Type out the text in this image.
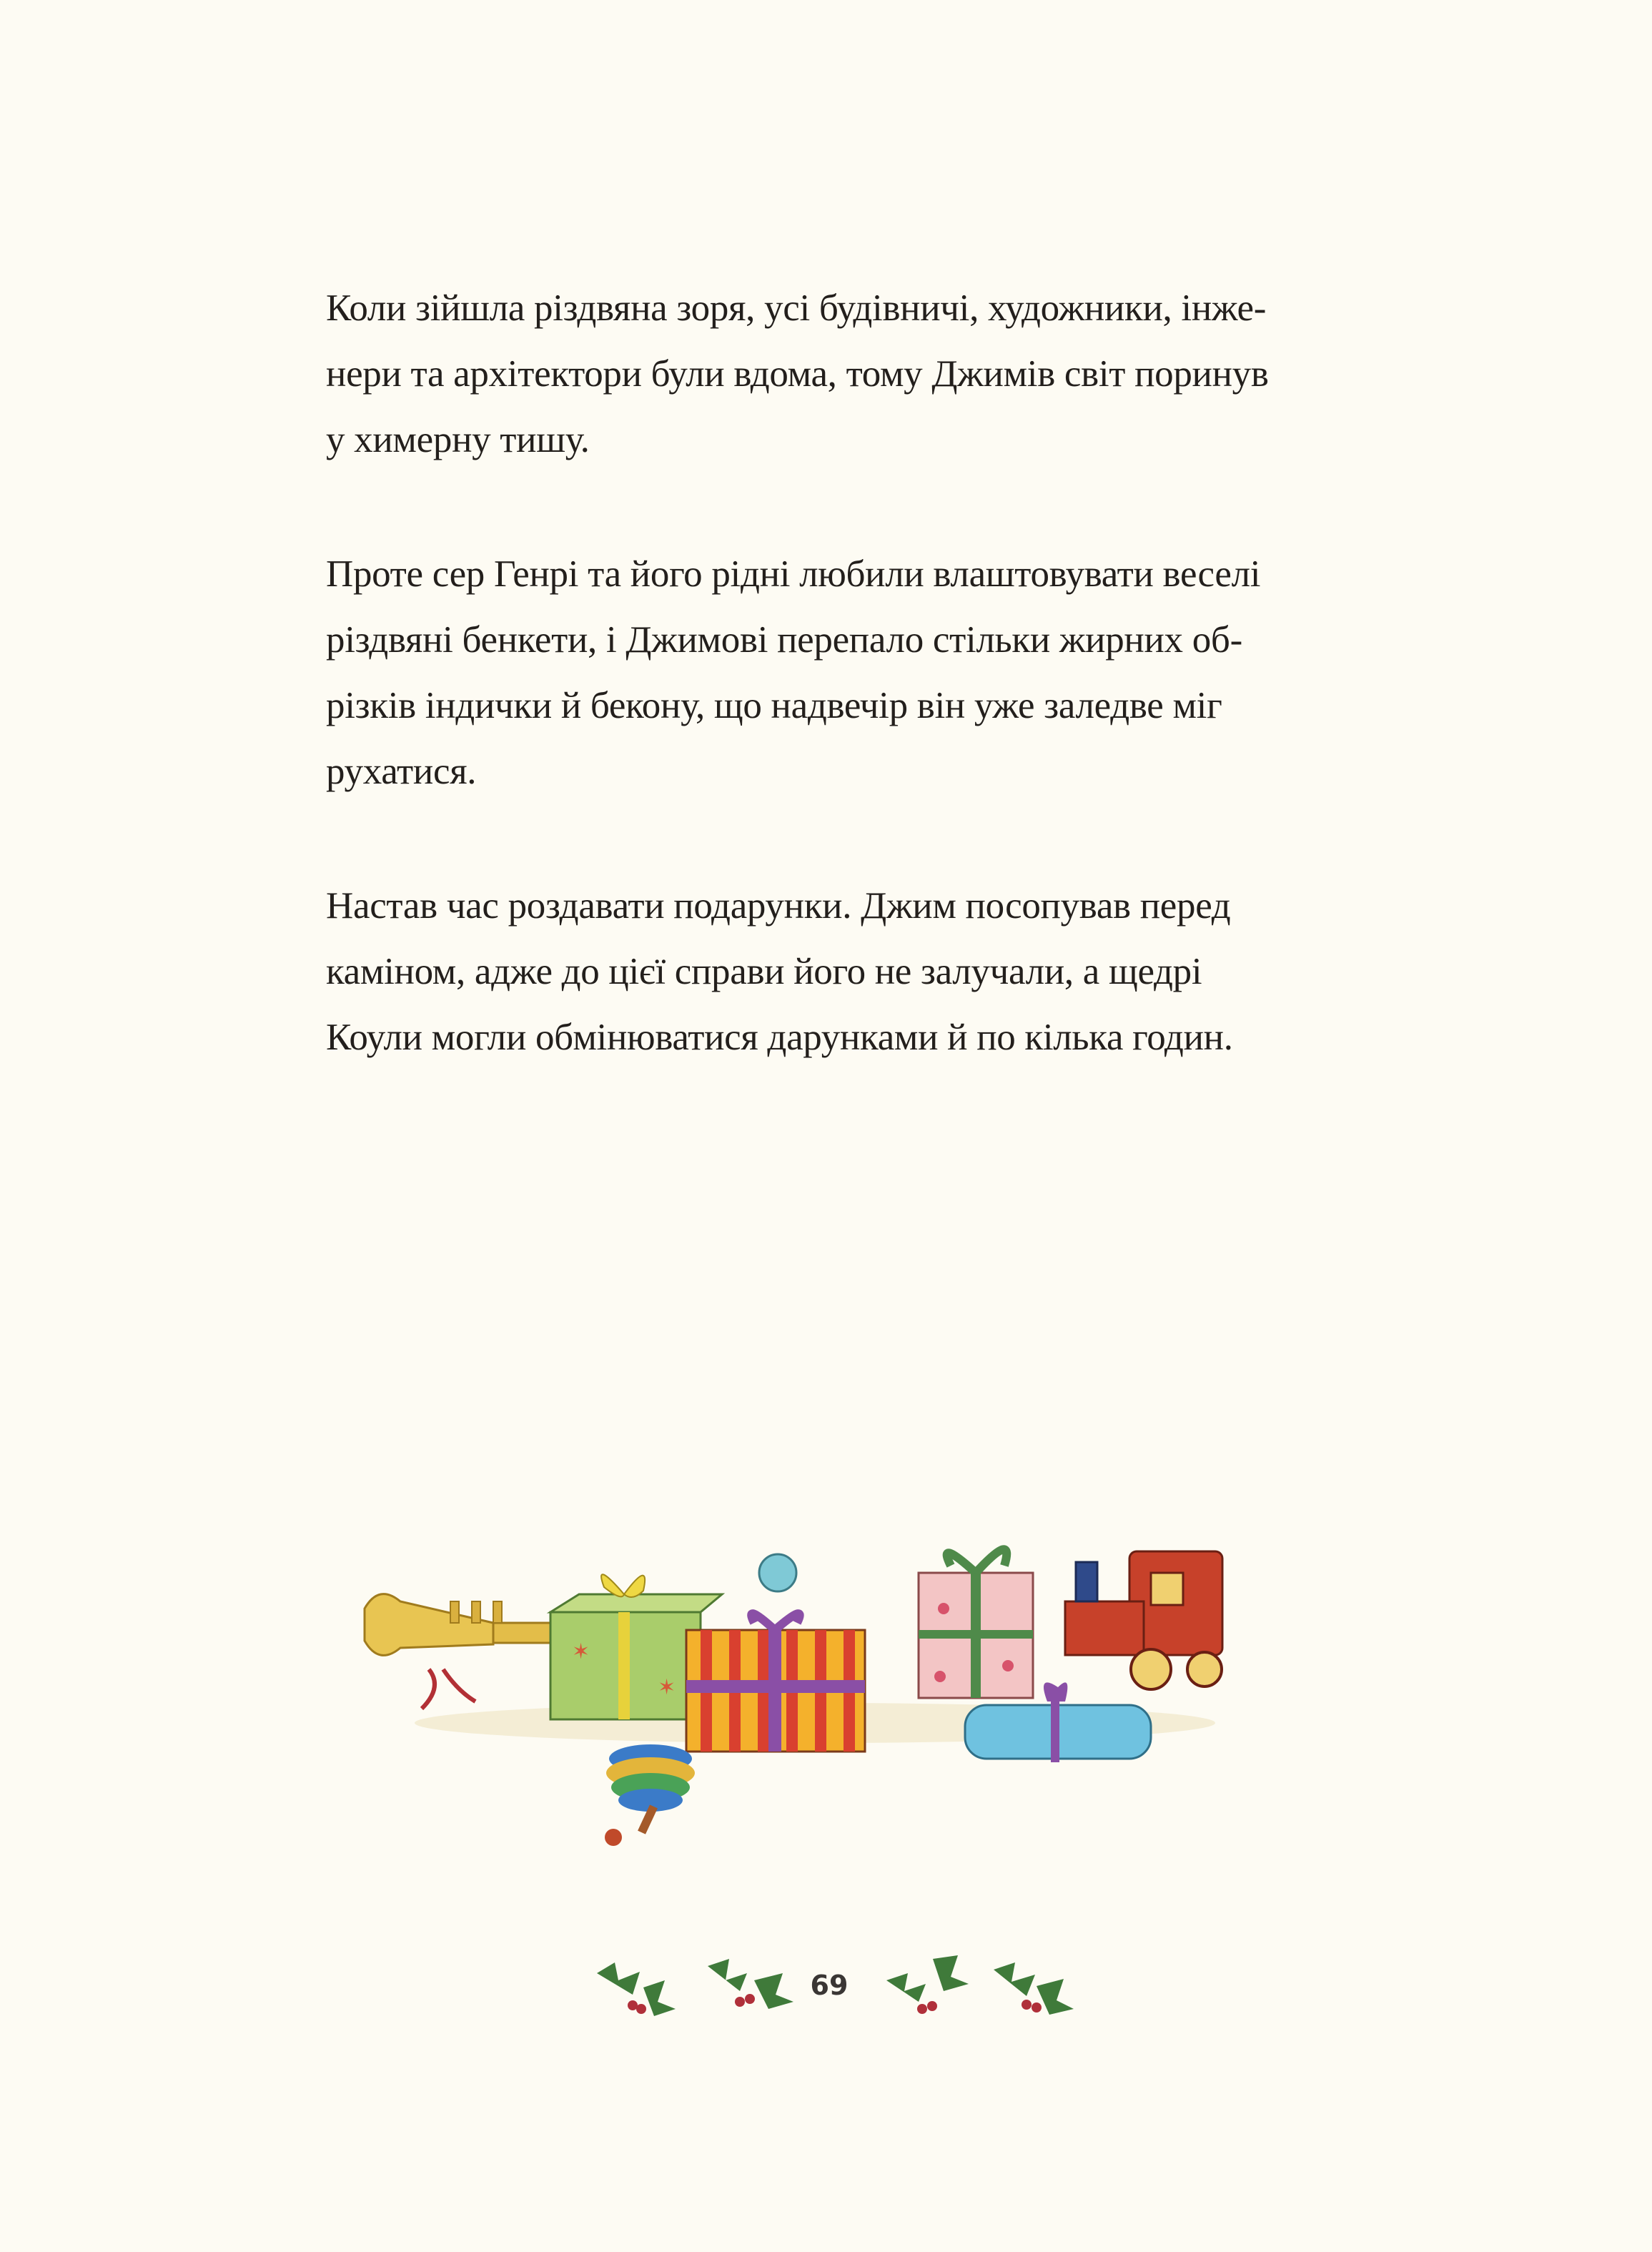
Коли зійшла різдвяна зоря, усі будівничі, художники, інже-
нери та архітектори були вдома, тому Джимів світ поринув
у химерну тишу.

Проте сер Генрі та його рідні любили влаштовувати веселі
різдвяні бенкети, і Джимові перепало стільки жирних об-
різків індички й бекону, що надвечір він уже заледве міг
рухатися.

Настав час роздавати подарунки. Джим посопував перед
каміном, адже до цієї справи його не залучали, а щедрі
Коули могли обмінюватися дарунками й по кілька годин.

✶
✶
69
